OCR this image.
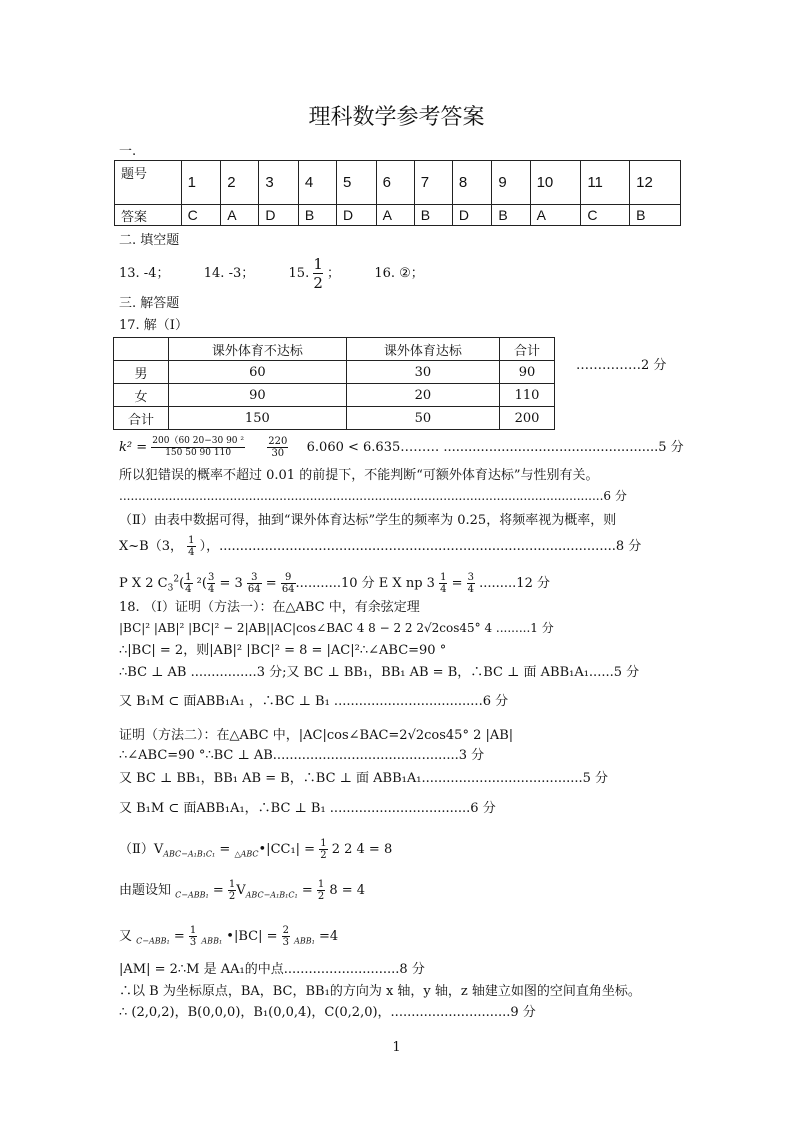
理科数学参考答案
一.
题号	1	2	3	4	5	6	7	8	9	10	11	12
答案	C	A	D	B	D	A	B	D	B	A	C	B
二. 填空题
13. -4；	14. -3；	15. $\frac{1}{2}$ ；	16. ②；
三. 解答题
17. 解（Ⅰ）
	课外体育不达标	课外体育达标	合计
男	60	30	90
女	90	20	110
合计	150	50	200
……………2 分
$k^2 = \frac{\text{200（60 20−30 90 ²}}{150 50 90 110}$
$\frac{220}{30} 6.060$ < 6.635……… ....................................................5 分
所以犯错误的概率不超过 0.01 的前提下，不能判断“可额外体育达标”与性别有关。
...............................................................................................................................6 分
（Ⅱ）由表中数据可得，抽到“课外体育达标”学生的频率为 0.25，将频率视为概率，则
X~B（3， $\frac{1}{4}$ ），................................................................................................8 分
P X 2 $C_3^2( \frac{1}{4} ^2( \frac{3}{4} = 3 \frac{3}{64} = \frac{9}{64} ...........10$ 分 E X np $3 \frac{1}{4} = \frac{3}{4} .........12$ 分
18. （Ⅰ）证明（方法一）：在△ABC 中，有余弦定理
|BC|² |AB|² |BC|² − 2|AB||AC|cos∠BAC 4 8 − 2 2 2√2cos45° 4 .........1 分
∴|BC| = 2，则|AB|² |BC|² = 8 = |AC|²∴∠ABC=90 °
∴BC ⊥ AB ................3 分;又 BC ⊥ BB₁，BB₁ AB = B，∴BC ⊥ 面 ABB₁A₁......5 分
又 B₁M ⊂ 面ABB₁A₁ ，∴BC ⊥ B₁ ....................................6 分
证明（方法二）：在△ABC 中，|AC|cos∠BAC=2√2cos45° 2 |AB|
∴∠ABC=90 °∴BC ⊥ AB.............................................3 分
又 BC ⊥ BB₁，BB₁ AB = B，∴BC ⊥ 面 ABB₁A₁.......................................5 分
又 B₁M ⊂ 面ABB₁A₁，∴BC ⊥ B₁ ..................................6 分
$(Ⅱ)V_{ABC-A_1B_1C_1}$ = $_{\triangle ABC}$•|CC₁| = $\frac{1}{2} 2$ 2 4 = 8
由题设知 $_{C-ABB_1} = \frac{1}{2} V_{ABC-A_1B_1C_1} = \frac{1}{2} 8 = 4$
又 $_{C-ABB_1} = \frac{1}{3} _{ABB_1}$ •|BC| = $\frac{2}{3} _{ABB_1} =4$
|AM| = 2∴M 是 AA₁的中点............................8 分
∴以 B 为坐标原点，BA，BC，BB₁的方向为 x 轴，y 轴，z 轴建立如图的空间直角坐标。
∴ (2,0,2)，B(0,0,0)，B₁(0,0,4)，C(0,2,0)，.............................9 分
1
